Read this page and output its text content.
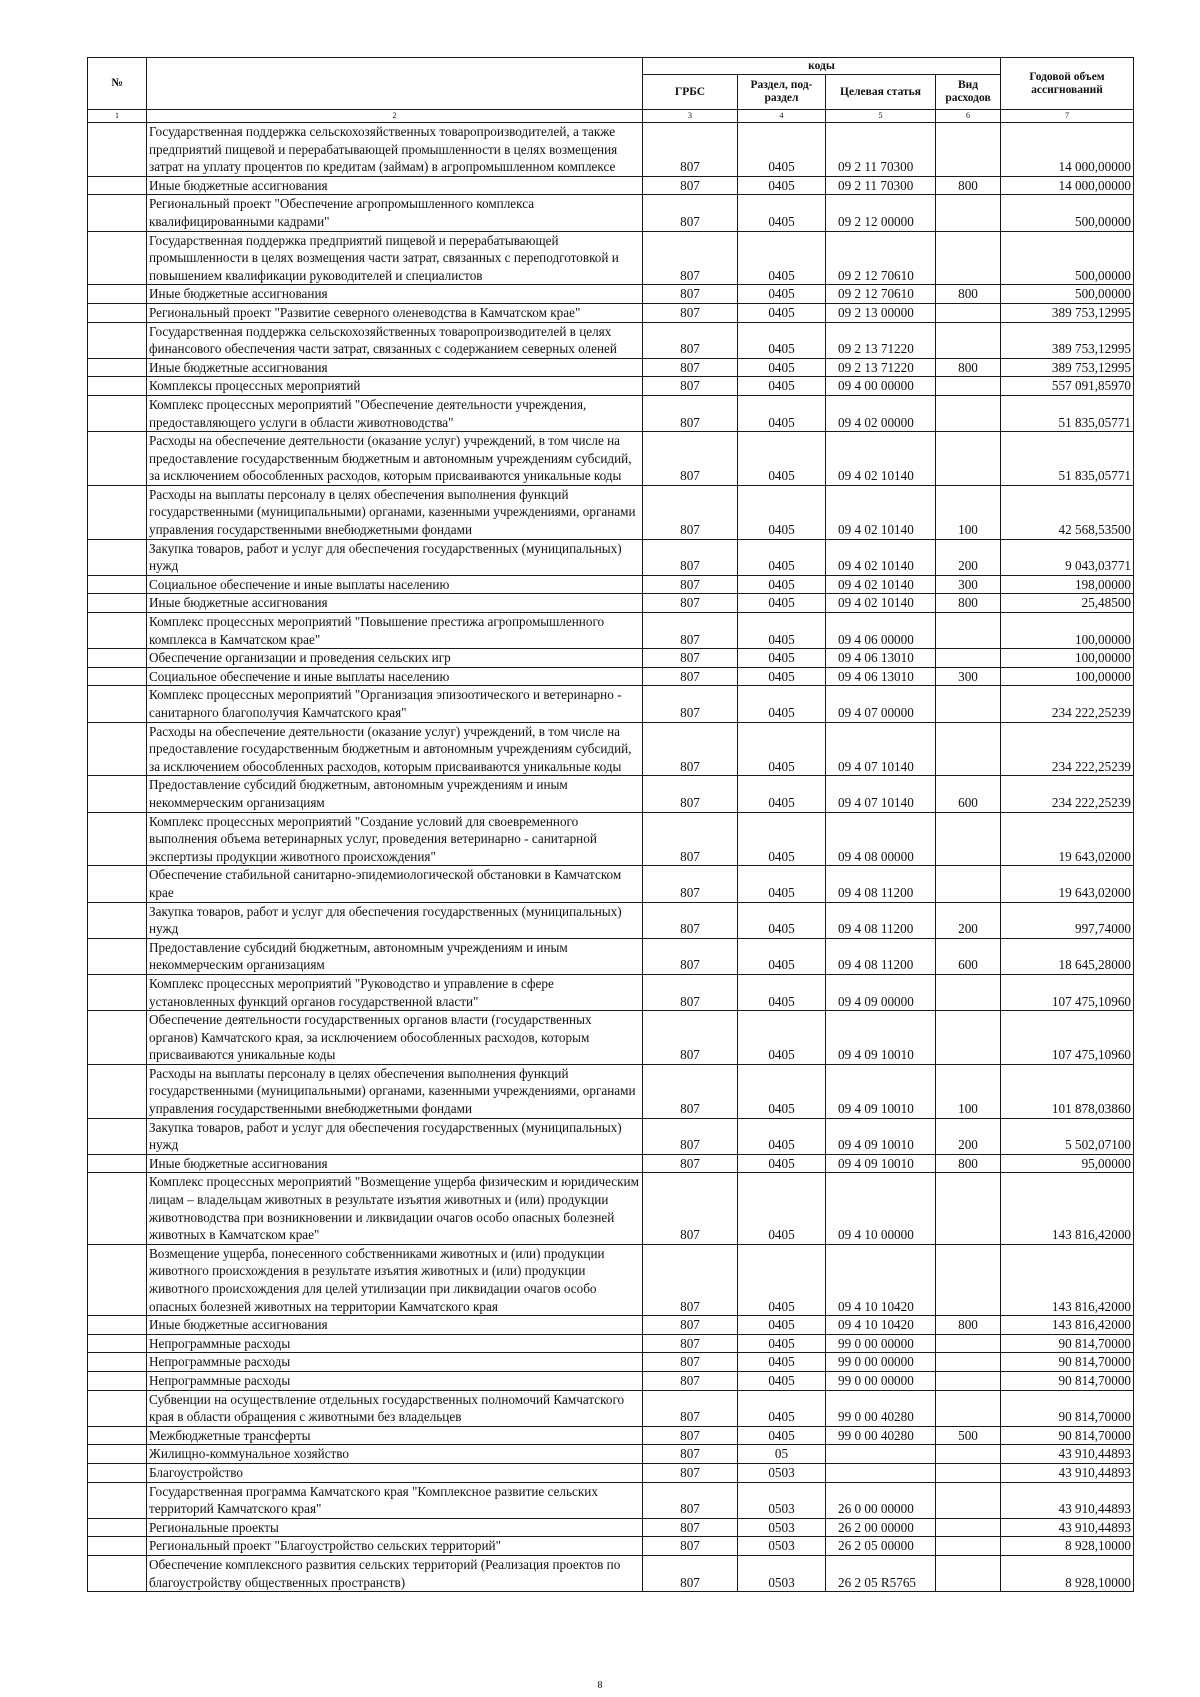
№		коды				Годовой объем ассигнований
		ГРБС	Раздел, под-раздел	Целевая статья	Вид расходов	
1	2	3	4	5	6	7
	Государственная поддержка сельскохозяйственных товаропроизводителей, а также предприятий пищевой и перерабатывающей промышленности в целях возмещения затрат на уплату процентов по кредитам (займам) в агропромышленном комплексе	807	0405	09 2 11 70300		14 000,00000
	Иные бюджетные ассигнования	807	0405	09 2 11 70300	800	14 000,00000
	Региональный проект "Обеспечение агропромышленного комплекса квалифицированными кадрами"	807	0405	09 2 12 00000		500,00000
	Государственная поддержка предприятий пищевой и перерабатывающей промышленности в целях возмещения части затрат, связанных с переподготовкой и повышением квалификации руководителей и специалистов	807	0405	09 2 12 70610		500,00000
	Иные бюджетные ассигнования	807	0405	09 2 12 70610	800	500,00000
	Региональный проект "Развитие северного оленеводства в Камчатском крае"	807	0405	09 2 13 00000		389 753,12995
	Государственная поддержка сельскохозяйственных товаропроизводителей в целях финансового обеспечения части затрат, связанных с содержанием северных оленей	807	0405	09 2 13 71220		389 753,12995
	Иные бюджетные ассигнования	807	0405	09 2 13 71220	800	389 753,12995
	Комплексы процессных мероприятий	807	0405	09 4 00 00000		557 091,85970
	Комплекс процессных мероприятий "Обеспечение деятельности учреждения, предоставляющего услуги в области животноводства"	807	0405	09 4 02 00000		51 835,05771
	Расходы на обеспечение деятельности (оказание услуг) учреждений, в том числе на предоставление государственным бюджетным и автономным учреждениям субсидий, за исключением обособленных расходов, которым присваиваются уникальные коды	807	0405	09 4 02 10140		51 835,05771
	Расходы на выплаты персоналу в целях обеспечения выполнения функций государственными (муниципальными) органами, казенными учреждениями, органами управления государственными внебюджетными фондами	807	0405	09 4 02 10140	100	42 568,53500
	Закупка товаров, работ и услуг для обеспечения государственных (муниципальных) нужд	807	0405	09 4 02 10140	200	9 043,03771
	Социальное обеспечение и иные выплаты населению	807	0405	09 4 02 10140	300	198,00000
	Иные бюджетные ассигнования	807	0405	09 4 02 10140	800	25,48500
	Комплекс процессных мероприятий "Повышение престижа агропромышленного комплекса в Камчатском крае"	807	0405	09 4 06 00000		100,00000
	Обеспечение организации и проведения сельских игр	807	0405	09 4 06 13010		100,00000
	Социальное обеспечение и иные выплаты населению	807	0405	09 4 06 13010	300	100,00000
	Комплекс процессных мероприятий "Организация эпизоотического и ветеринарно - санитарного благополучия Камчатского края"	807	0405	09 4 07 00000		234 222,25239
	Расходы на обеспечение деятельности (оказание услуг) учреждений, в том числе на предоставление государственным бюджетным и автономным учреждениям субсидий, за исключением обособленных расходов, которым присваиваются уникальные коды	807	0405	09 4 07 10140		234 222,25239
	Предоставление субсидий бюджетным, автономным учреждениям и иным некоммерческим организациям	807	0405	09 4 07 10140	600	234 222,25239
	Комплекс процессных мероприятий "Создание условий для своевременного выполнения объема ветеринарных услуг, проведения ветеринарно - санитарной экспертизы продукции животного происхождения"	807	0405	09 4 08 00000		19 643,02000
	Обеспечение стабильной санитарно-эпидемиологической обстановки в Камчатском крае	807	0405	09 4 08 11200		19 643,02000
	Закупка товаров, работ и услуг для обеспечения государственных (муниципальных) нужд	807	0405	09 4 08 11200	200	997,74000
	Предоставление субсидий бюджетным, автономным учреждениям и иным некоммерческим организациям	807	0405	09 4 08 11200	600	18 645,28000
	Комплекс процессных мероприятий "Руководство и управление в сфере установленных функций органов государственной власти"	807	0405	09 4 09 00000		107 475,10960
	Обеспечение деятельности государственных органов власти (государственных органов) Камчатского края, за исключением обособленных расходов, которым присваиваются уникальные коды	807	0405	09 4 09 10010		107 475,10960
	Расходы на выплаты персоналу в целях обеспечения выполнения функций государственными (муниципальными) органами, казенными учреждениями, органами управления государственными внебюджетными фондами	807	0405	09 4 09 10010	100	101 878,03860
	Закупка товаров, работ и услуг для обеспечения государственных (муниципальных) нужд	807	0405	09 4 09 10010	200	5 502,07100
	Иные бюджетные ассигнования	807	0405	09 4 09 10010	800	95,00000
	Комплекс процессных мероприятий "Возмещение ущерба физическим и юридическим лицам – владельцам животных в результате изъятия животных и (или) продукции животноводства при возникновении и ликвидации очагов особо опасных болезней животных в Камчатском крае"	807	0405	09 4 10 00000		143 816,42000
	Возмещение ущерба, понесенного собственниками животных и (или) продукции животного происхождения в результате изъятия животных и (или) продукции животного происхождения для целей утилизации при ликвидации очагов особо опасных болезней животных на территории Камчатского края	807	0405	09 4 10 10420		143 816,42000
	Иные бюджетные ассигнования	807	0405	09 4 10 10420	800	143 816,42000
	Непрограммные расходы	807	0405	99 0 00 00000		90 814,70000
	Непрограммные расходы	807	0405	99 0 00 00000		90 814,70000
	Непрограммные расходы	807	0405	99 0 00 00000		90 814,70000
	Субвенции на осуществление отдельных государственных полномочий Камчатского края в области обращения с животными без владельцев	807	0405	99 0 00 40280		90 814,70000
	Межбюджетные трансферты	807	0405	99 0 00 40280	500	90 814,70000
	Жилищно-коммунальное хозяйство	807	05			43 910,44893
	Благоустройство	807	0503			43 910,44893
	Государственная программа Камчатского края "Комплексное развитие сельских территорий Камчатского края"	807	0503	26 0 00 00000		43 910,44893
	Региональные проекты	807	0503	26 2 00 00000		43 910,44893
	Региональный проект "Благоустройство сельских территорий"	807	0503	26 2 05 00000		8 928,10000
	Обеспечение комплексного развития сельских территорий (Реализация проектов по благоустройству общественных пространств)	807	0503	26 2 05 R5765		8 928,10000
8
